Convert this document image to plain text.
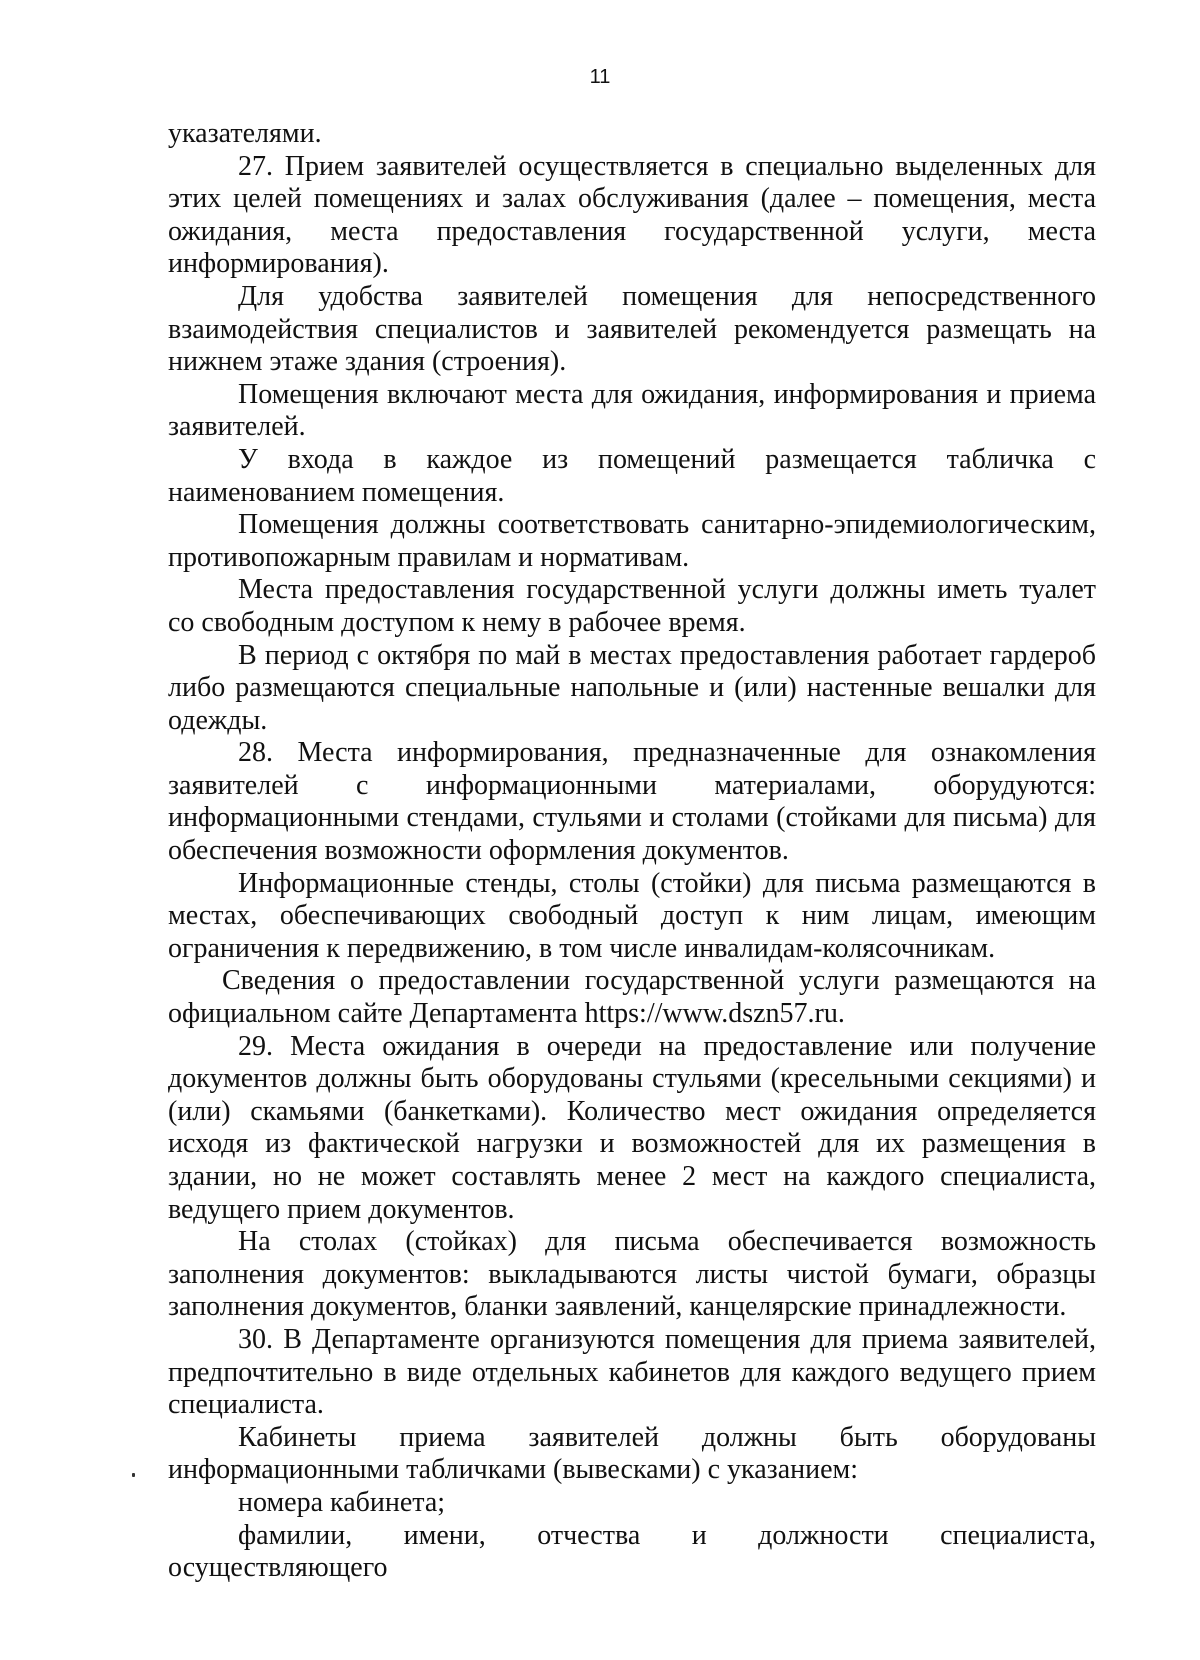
11

указателями.

27. Прием заявителей осуществляется в специально выделенных для этих целей помещениях и залах обслуживания (далее – помещения, места ожидания, места предоставления государственной услуги, места информирования).

Для удобства заявителей помещения для непосредственного взаимодействия специалистов и заявителей рекомендуется размещать на нижнем этаже здания (строения).

Помещения включают места для ожидания, информирования и приема заявителей.

У входа в каждое из помещений размещается табличка с наименованием помещения.

Помещения должны соответствовать санитарно-эпидемиологическим, противопожарным правилам и нормативам.

Места предоставления государственной услуги должны иметь туалет со свободным доступом к нему в рабочее время.

В период с октября по май в местах предоставления работает гардероб либо размещаются специальные напольные и (или) настенные вешалки для одежды.

28. Места информирования, предназначенные для ознакомления заявителей с информационными материалами, оборудуются: информационными стендами, стульями и столами (стойками для письма) для обеспечения возможности оформления документов.

Информационные стенды, столы (стойки) для письма размещаются в местах, обеспечивающих свободный доступ к ним лицам, имеющим ограничения к передвижению, в том числе инвалидам-колясочникам.

Сведения о предоставлении государственной услуги размещаются на официальном сайте Департамента https://www.dszn57.ru.

29. Места ожидания в очереди на предоставление или получение документов должны быть оборудованы стульями (кресельными секциями) и (или) скамьями (банкетками). Количество мест ожидания определяется исходя из фактической нагрузки и возможностей для их размещения в здании, но не может составлять менее 2 мест на каждого специалиста, ведущего прием документов.

На столах (стойках) для письма обеспечивается возможность заполнения документов: выкладываются листы чистой бумаги, образцы заполнения документов, бланки заявлений, канцелярские принадлежности.

30. В Департаменте организуются помещения для приема заявителей, предпочтительно в виде отдельных кабинетов для каждого ведущего прием специалиста.

Кабинеты приема заявителей должны быть оборудованы информационными табличками (вывесками) с указанием:

номера кабинета;

фамилии, имени, отчества и должности специалиста, осуществляющего
